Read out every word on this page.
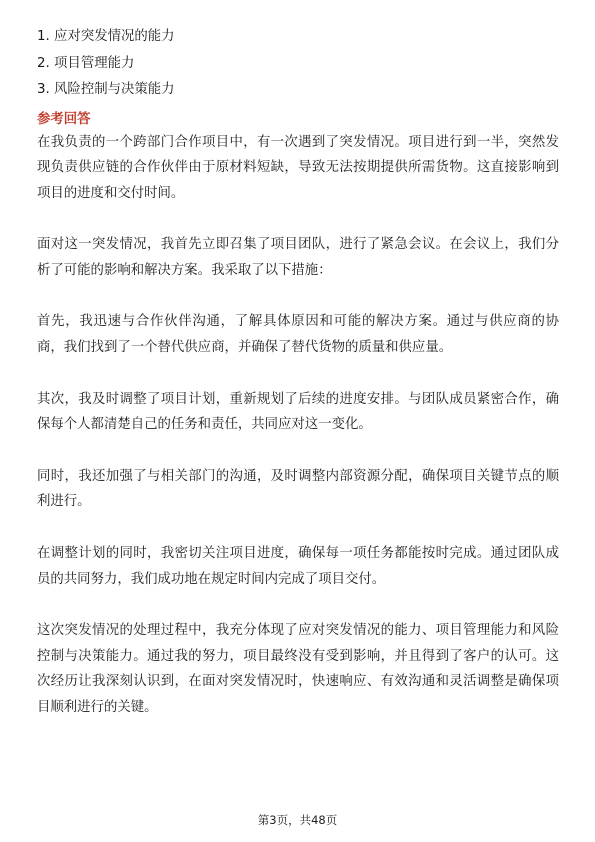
1. 应对突发情况的能力
2. 项目管理能力
3. 风险控制与决策能力
参考回答

在我负责的一个跨部门合作项目中，有一次遇到了突发情况。项目进行到一半，突然发现负责供应链的合作伙伴由于原材料短缺，导致无法按期提供所需货物。这直接影响到项目的进度和交付时间。

面对这一突发情况，我首先立即召集了项目团队，进行了紧急会议。在会议上，我们分析了可能的影响和解决方案。我采取了以下措施：

首先，我迅速与合作伙伴沟通，了解具体原因和可能的解决方案。通过与供应商的协商，我们找到了一个替代供应商，并确保了替代货物的质量和供应量。

其次，我及时调整了项目计划，重新规划了后续的进度安排。与团队成员紧密合作，确保每个人都清楚自己的任务和责任，共同应对这一变化。

同时，我还加强了与相关部门的沟通，及时调整内部资源分配，确保项目关键节点的顺利进行。

在调整计划的同时，我密切关注项目进度，确保每一项任务都能按时完成。通过团队成员的共同努力，我们成功地在规定时间内完成了项目交付。

这次突发情况的处理过程中，我充分体现了应对突发情况的能力、项目管理能力和风险控制与决策能力。通过我的努力，项目最终没有受到影响，并且得到了客户的认可。这次经历让我深刻认识到，在面对突发情况时，快速响应、有效沟通和灵活调整是确保项目顺利进行的关键。

第3页，共48页
